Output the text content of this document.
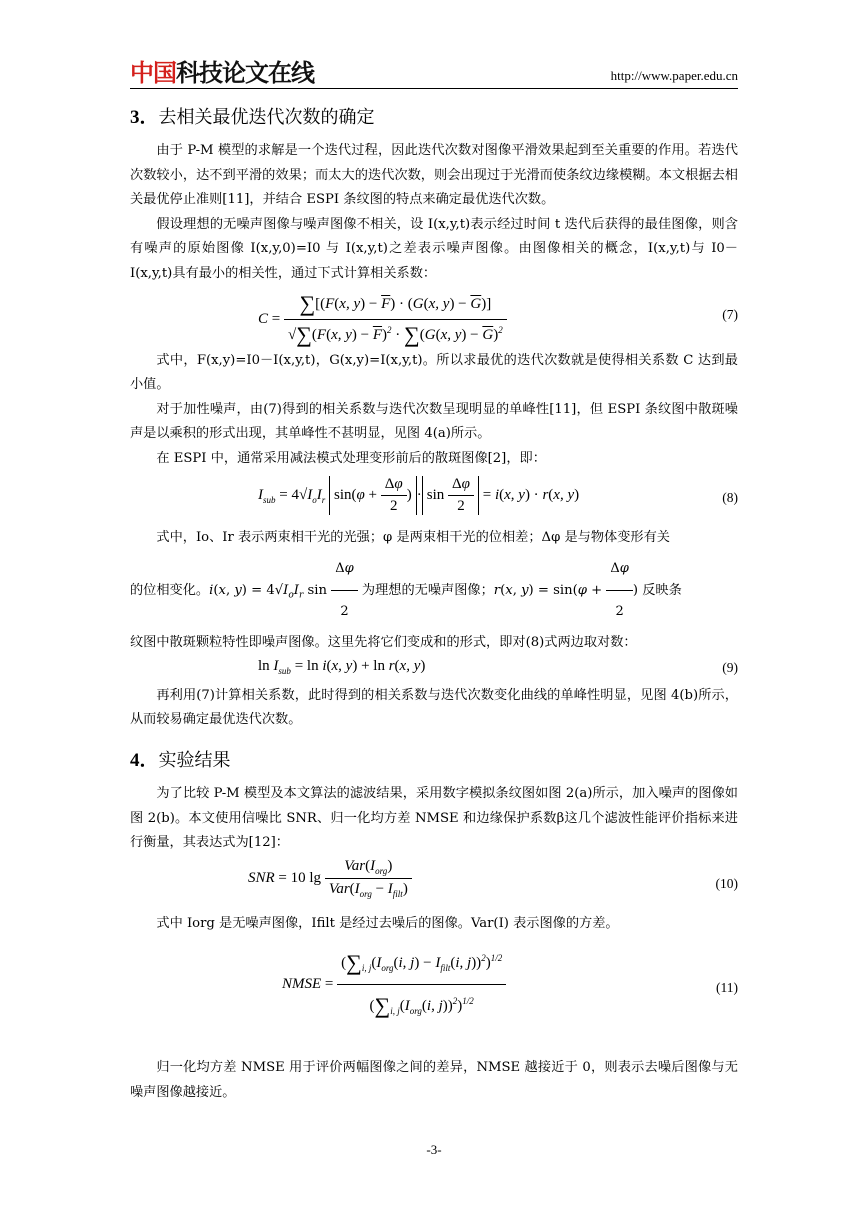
中国科技论文在线	http://www.paper.edu.cn
3．去相关最优迭代次数的确定

由于 P-M 模型的求解是一个迭代过程，因此迭代次数对图像平滑效果起到至关重要的作用。若迭代次数较小，达不到平滑的效果；而太大的迭代次数，则会出现过于光滑而使条纹边缘模糊。本文根据去相关最优停止准则[11]，并结合 ESPI 条纹图的特点来确定最优迭代次数。

假设理想的无噪声图像与噪声图像不相关，设 I(x,y,t)表示经过时间 t 迭代后获得的最佳图像，则含有噪声的原始图像 I(x,y,0)=I0 与 I(x,y,t)之差表示噪声图像。由图像相关的概念，I(x,y,t)与 I0－I(x,y,t)具有最小的相关性，通过下式计算相关系数：

$C = \frac{\sum[(F(x, y) - \overline{F}) \cdot (G(x, y) - \overline{G})]}{√\sum(F(x, y) - \overline{F})^2 \cdot \sum(G(x, y) - \overline{G})^2}$	(7)

式中，F(x,y)=I0－I(x,y,t)，G(x,y)=I(x,y,t)。所以求最优的迭代次数就是使得相关系数 C 达到最小值。

对于加性噪声，由(7)得到的相关系数与迭代次数呈现明显的单峰性[11]，但 ESPI 条纹图中散斑噪声是以乘积的形式出现，其单峰性不甚明显，见图 4(a)所示。

在 ESPI 中，通常采用减法模式处理变形前后的散斑图像[2]，即：

$I_{sub} = 4√I_oI_r$ $\sin(\varphi + \frac{\Delta\varphi}{2}$ ) · $\sin \frac{\Delta\varphi}{2} = i(x$, y) · r(x, y)	(8)

式中，Io、Ir 表示两束相干光的光强；φ 是两束相干光的位相差；Δφ 是与物体变形有关

的位相变化。i(x, $y) = 4√I_oI_r$ $\sin \frac{\Delta\varphi}{2}$ 为理想的无噪声图像；r(x, $y) = \sin(\varphi + \frac{\Delta\varphi}{2}$ ) 反映条

纹图中散斑颗粒特性即噪声图像。这里先将它们变成和的形式，即对(8)式两边取对数：

$\ln I_{sub} = \ln i(x$, y) + ln r(x, y)	(9)

再利用(7)计算相关系数，此时得到的相关系数与迭代次数变化曲线的单峰性明显，见图 4(b)所示，从而较易确定最优迭代次数。

4．实验结果

为了比较 P-M 模型及本文算法的滤波结果，采用数字模拟条纹图如图 2(a)所示，加入噪声的图像如图 2(b)。本文使用信噪比 SNR、归一化均方差 NMSE 和边缘保护系数β这几个滤波性能评价指标来进行衡量，其表达式为[12]：

SNR = 10 $\lg \frac{Var(I_{org})}{Var(I_{org} - I_{filt})}$	(10)

式中 Iorg 是无噪声图像，Ifilt 是经过去噪后的图像。Var(I) 表示图像的方差。

NMSE = $\frac{(\sum_{i, j}(I_{org}(i, j) - I_{filt}(i, j))^2)^{1/2}}{(\sum_{i, j}(I_{org}(i, j))^2)^{1/2}}$	(11)

归一化均方差 NMSE 用于评价两幅图像之间的差异，NMSE 越接近于 0，则表示去噪后图像与无噪声图像越接近。

-3-
